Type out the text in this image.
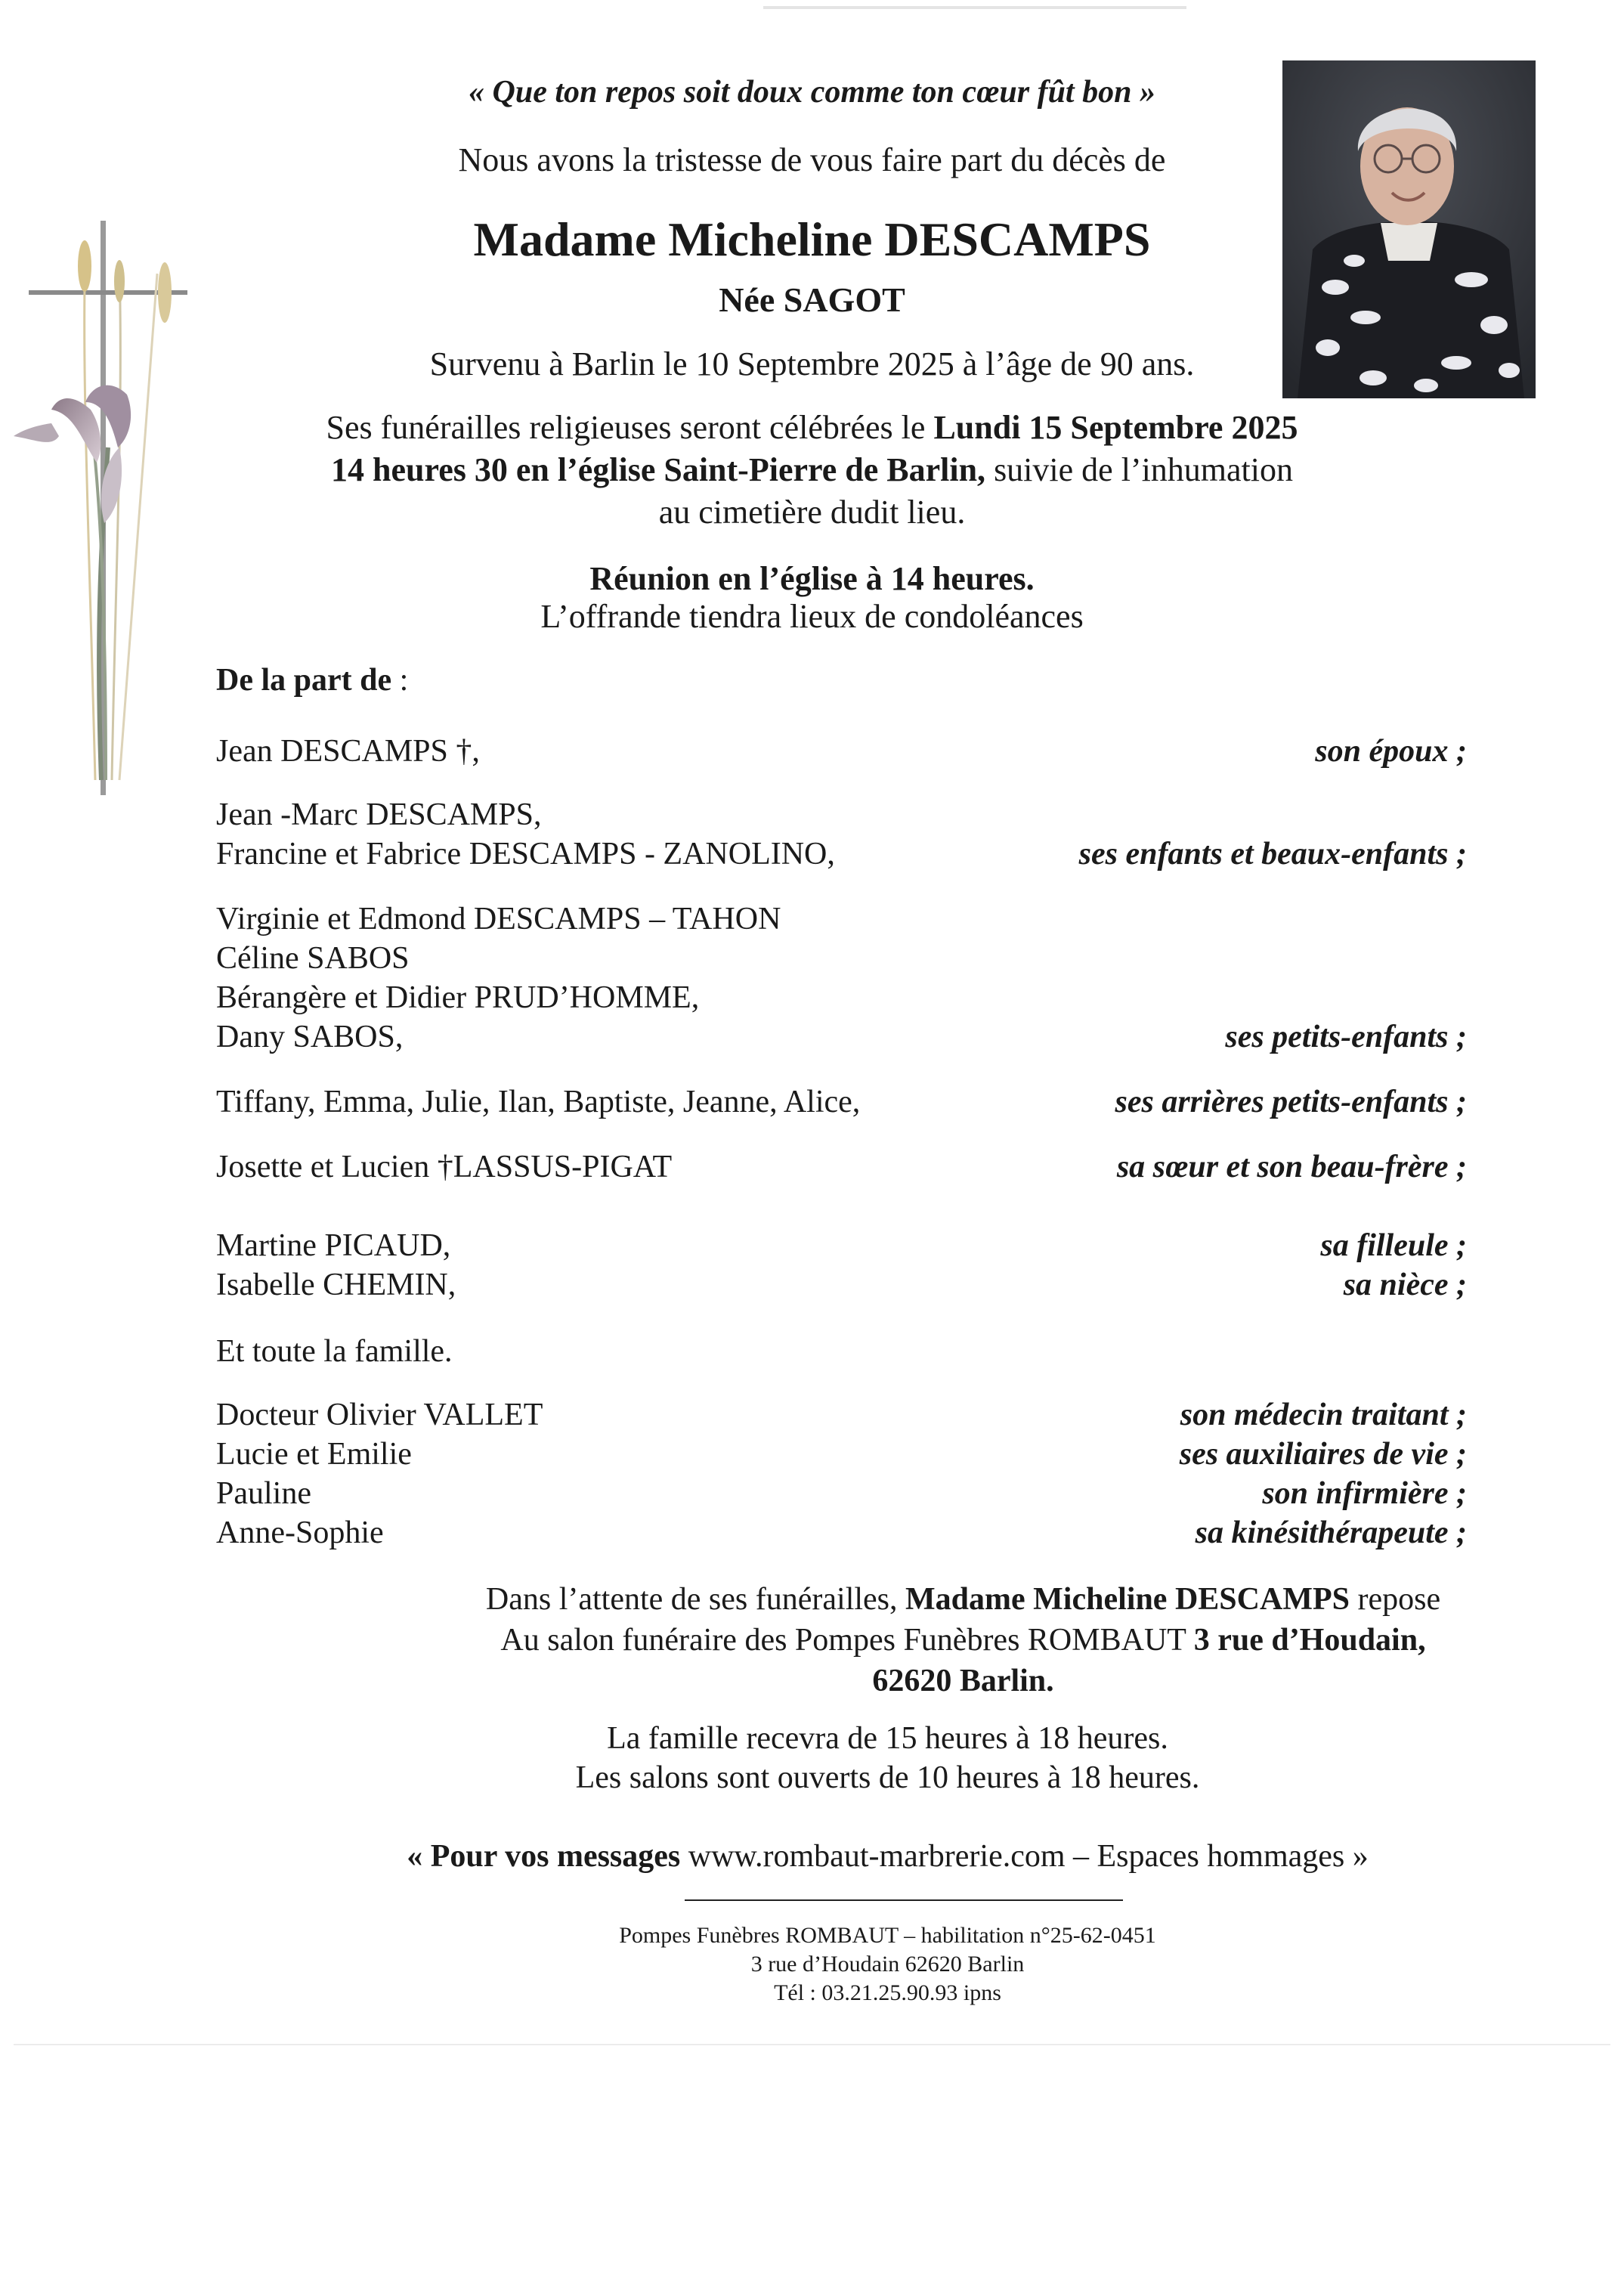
« Que ton repos soit doux comme ton cœur fût bon »
Nous avons la tristesse de vous faire part du décès de
Madame Micheline DESCAMPS
Née SAGOT
Survenu à Barlin le 10 Septembre 2025 à l’âge de 90 ans.
Ses funérailles religieuses seront célébrées le Lundi 15 Septembre 2025
14 heures 30 en l’église Saint-Pierre de Barlin, suivie de l’inhumation
au cimetière dudit lieu.
Réunion en l’église à 14 heures.
L’offrande tiendra lieux de condoléances
De la part de :
Jean DESCAMPS †,	son époux ;
Jean -Marc DESCAMPS,
Francine et Fabrice DESCAMPS - ZANOLINO,	ses enfants et beaux-enfants ;
Virginie et Edmond DESCAMPS – TAHON
Céline SABOS
Bérangère et Didier PRUD’HOMME,
Dany SABOS,	ses petits-enfants ;
Tiffany, Emma, Julie, Ilan, Baptiste, Jeanne, Alice,	ses arrières petits-enfants ;
Josette et Lucien †LASSUS-PIGAT	sa sœur et son beau-frère ;
Martine PICAUD,	sa filleule ;
Isabelle CHEMIN,	sa nièce ;
Et toute la famille.
Docteur Olivier VALLET	son médecin traitant ;
Lucie et Emilie	ses auxiliaires de vie ;
Pauline	son infirmière ;
Anne-Sophie	sa kinésithérapeute ;
Dans l’attente de ses funérailles, Madame Micheline DESCAMPS repose
Au salon funéraire des Pompes Funèbres ROMBAUT 3 rue d’Houdain,
62620 Barlin.
La famille recevra de 15 heures à 18 heures.
Les salons sont ouverts de 10 heures à 18 heures.
« Pour vos messages www.rombaut-marbrerie.com – Espaces hommages »
Pompes Funèbres ROMBAUT – habilitation n°25-62-0451
3 rue d’Houdain 62620 Barlin
Tél : 03.21.25.90.93 ipns
